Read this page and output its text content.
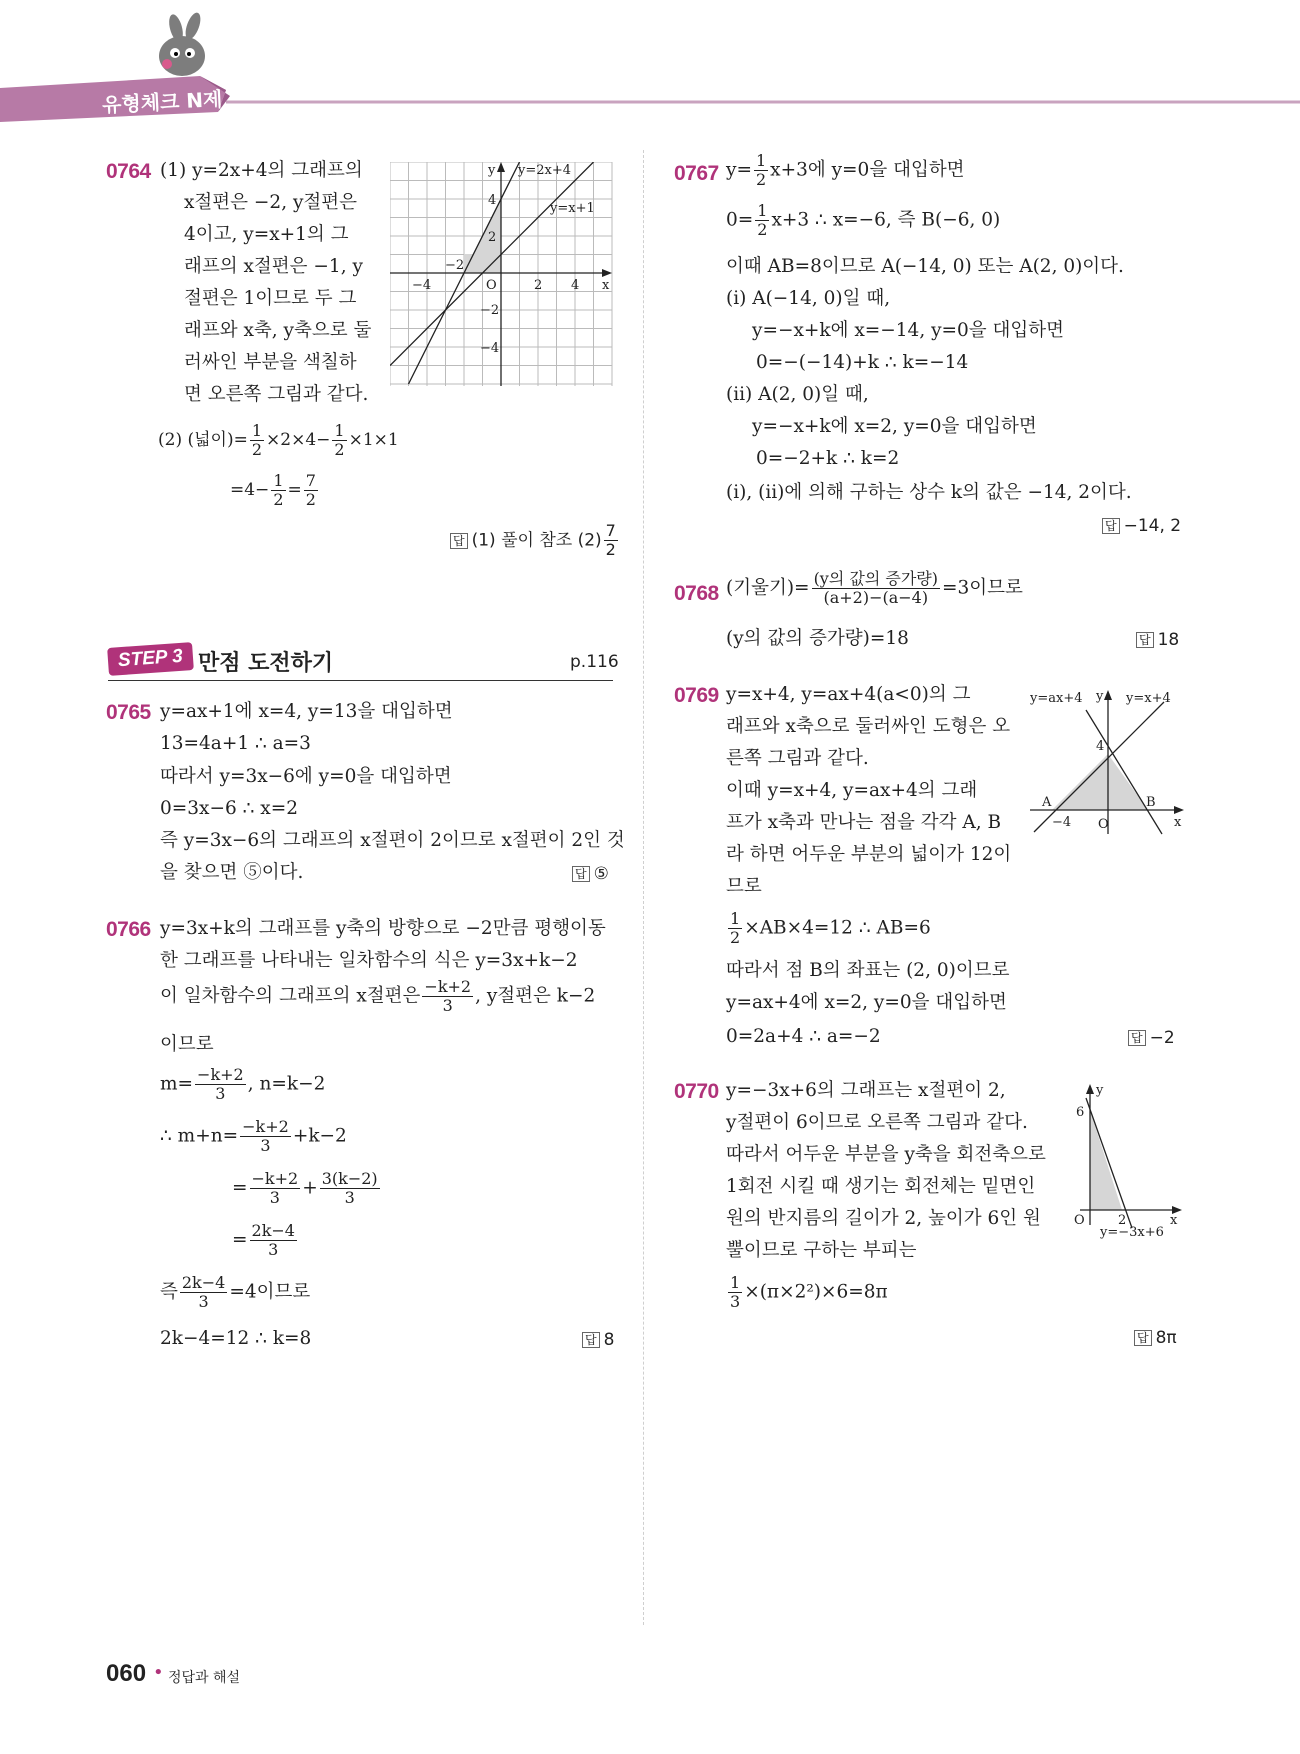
유형체크 N제
0764 (1) y=2x+4의 그래프의
x절편은 −2, y절편은
4이고, y=x+1의 그
래프의 x절편은 −1, y
절편은 1이므로 두 그
래프와 x축, y축으로 둘
러싸인 부분을 색칠하
면 오른쪽 그림과 같다.
y
x
y=2x+4
y=x+1
4
2
−2
−4
O	2 4
−2
−4
(2) (넓이)= $\frac{1}{2} \times 2\times 4- \frac{1}{2} \times 1\times 1$
$=4- \frac{1}{2} = \frac{7}{2}$
답 (1) 풀이 참조 $(2) \frac{7}{2}$
STEP 3 만점 도전하기	p.116
0765 y=ax+1에 x=4, y=13을 대입하면
13=4a+1 ∴ a=3
따라서 y=3x−6에 y=0을 대입하면
0=3x−6 ∴ x=2
즉 y=3x−6의 그래프의 x절편이 2이므로 x절편이 2인 것
을 찾으면 ⑤이다.	답 ⑤
0766 y=3x+k의 그래프를 y축의 방향으로 −2만큼 평행이동
한 그래프를 나타내는 일차함수의 식은 y=3x+k−2
이 일차함수의 그래프의 x절편은 $\frac{-k+2}{3}$ , y절편은 k−2
이므로
$m= \frac{-k+2}{3}$ , n=k−2
∴ $m+n= \frac{-k+2}{3} +k-2$
= $\frac{-k+2}{3} + \frac{3(k-2)}{3}$
= $\frac{2k-4}{3}$
즉 $\frac{2k-4}{3} =4$이므로
2k−4=12 ∴ k=8	답 8
0767 $y= \frac{1}{2} x+3$에 y=0을 대입하면
$0= \frac{1}{2} x+3$ ∴ x=−6, 즉 B(−6, 0)
이때 AB=8이므로 A(−14, 0) 또는 A(2, 0)이다.
(ⅰ) A(−14, 0)일 때,
y=−x+k에 x=−14, y=0을 대입하면
0=−(−14)+k ∴ k=−14
(ⅱ) A(2, 0)일 때,
y=−x+k에 x=2, y=0을 대입하면
0=−2+k ∴ k=2
(ⅰ), (ⅱ)에 의해 구하는 상수 k의 값은 −14, 2이다.
답 −14, 2
0768 (기울기)= (y의 값의 증가량)
(a+2)−(a−4) =3이므로
(y의 값의 증가량)=18	답 18
0769 y=x+4, y=ax+4(a<0)의 그
래프와 x축으로 둘러싸인 도형은 오
른쪽 그림과 같다.
이때 y=x+4, y=ax+4의 그래
프가 x축과 만나는 점을 각각 A, B
라 하면 어두운 부분의 넓이가 12이
므로
$\frac{1}{2} \times AB\times 4=12$ ∴ AB=6
따라서 점 B의 좌표는 (2, 0)이므로
y=ax+4에 x=2, y=0을 대입하면
0=2a+4 ∴ a=−2	답 −2
y=ax+4 y y=x+4
4
A	B
−4 O	x
0770 y=−3x+6의 그래프는 x절편이 2,
y절편이 6이므로 오른쪽 그림과 같다.
따라서 어두운 부분을 y축을 회전축으로
1회전 시킬 때 생기는 회전체는 밑면인
원의 반지름의 길이가 2, 높이가 6인 원
뿔이므로 구하는 부피는
$\frac{1}{3} \times(\pi\times 2^2)\times 6=8\pi$
답 8π
y
6
O	2	x
y=−3x+6
060 • 정답과 해설
